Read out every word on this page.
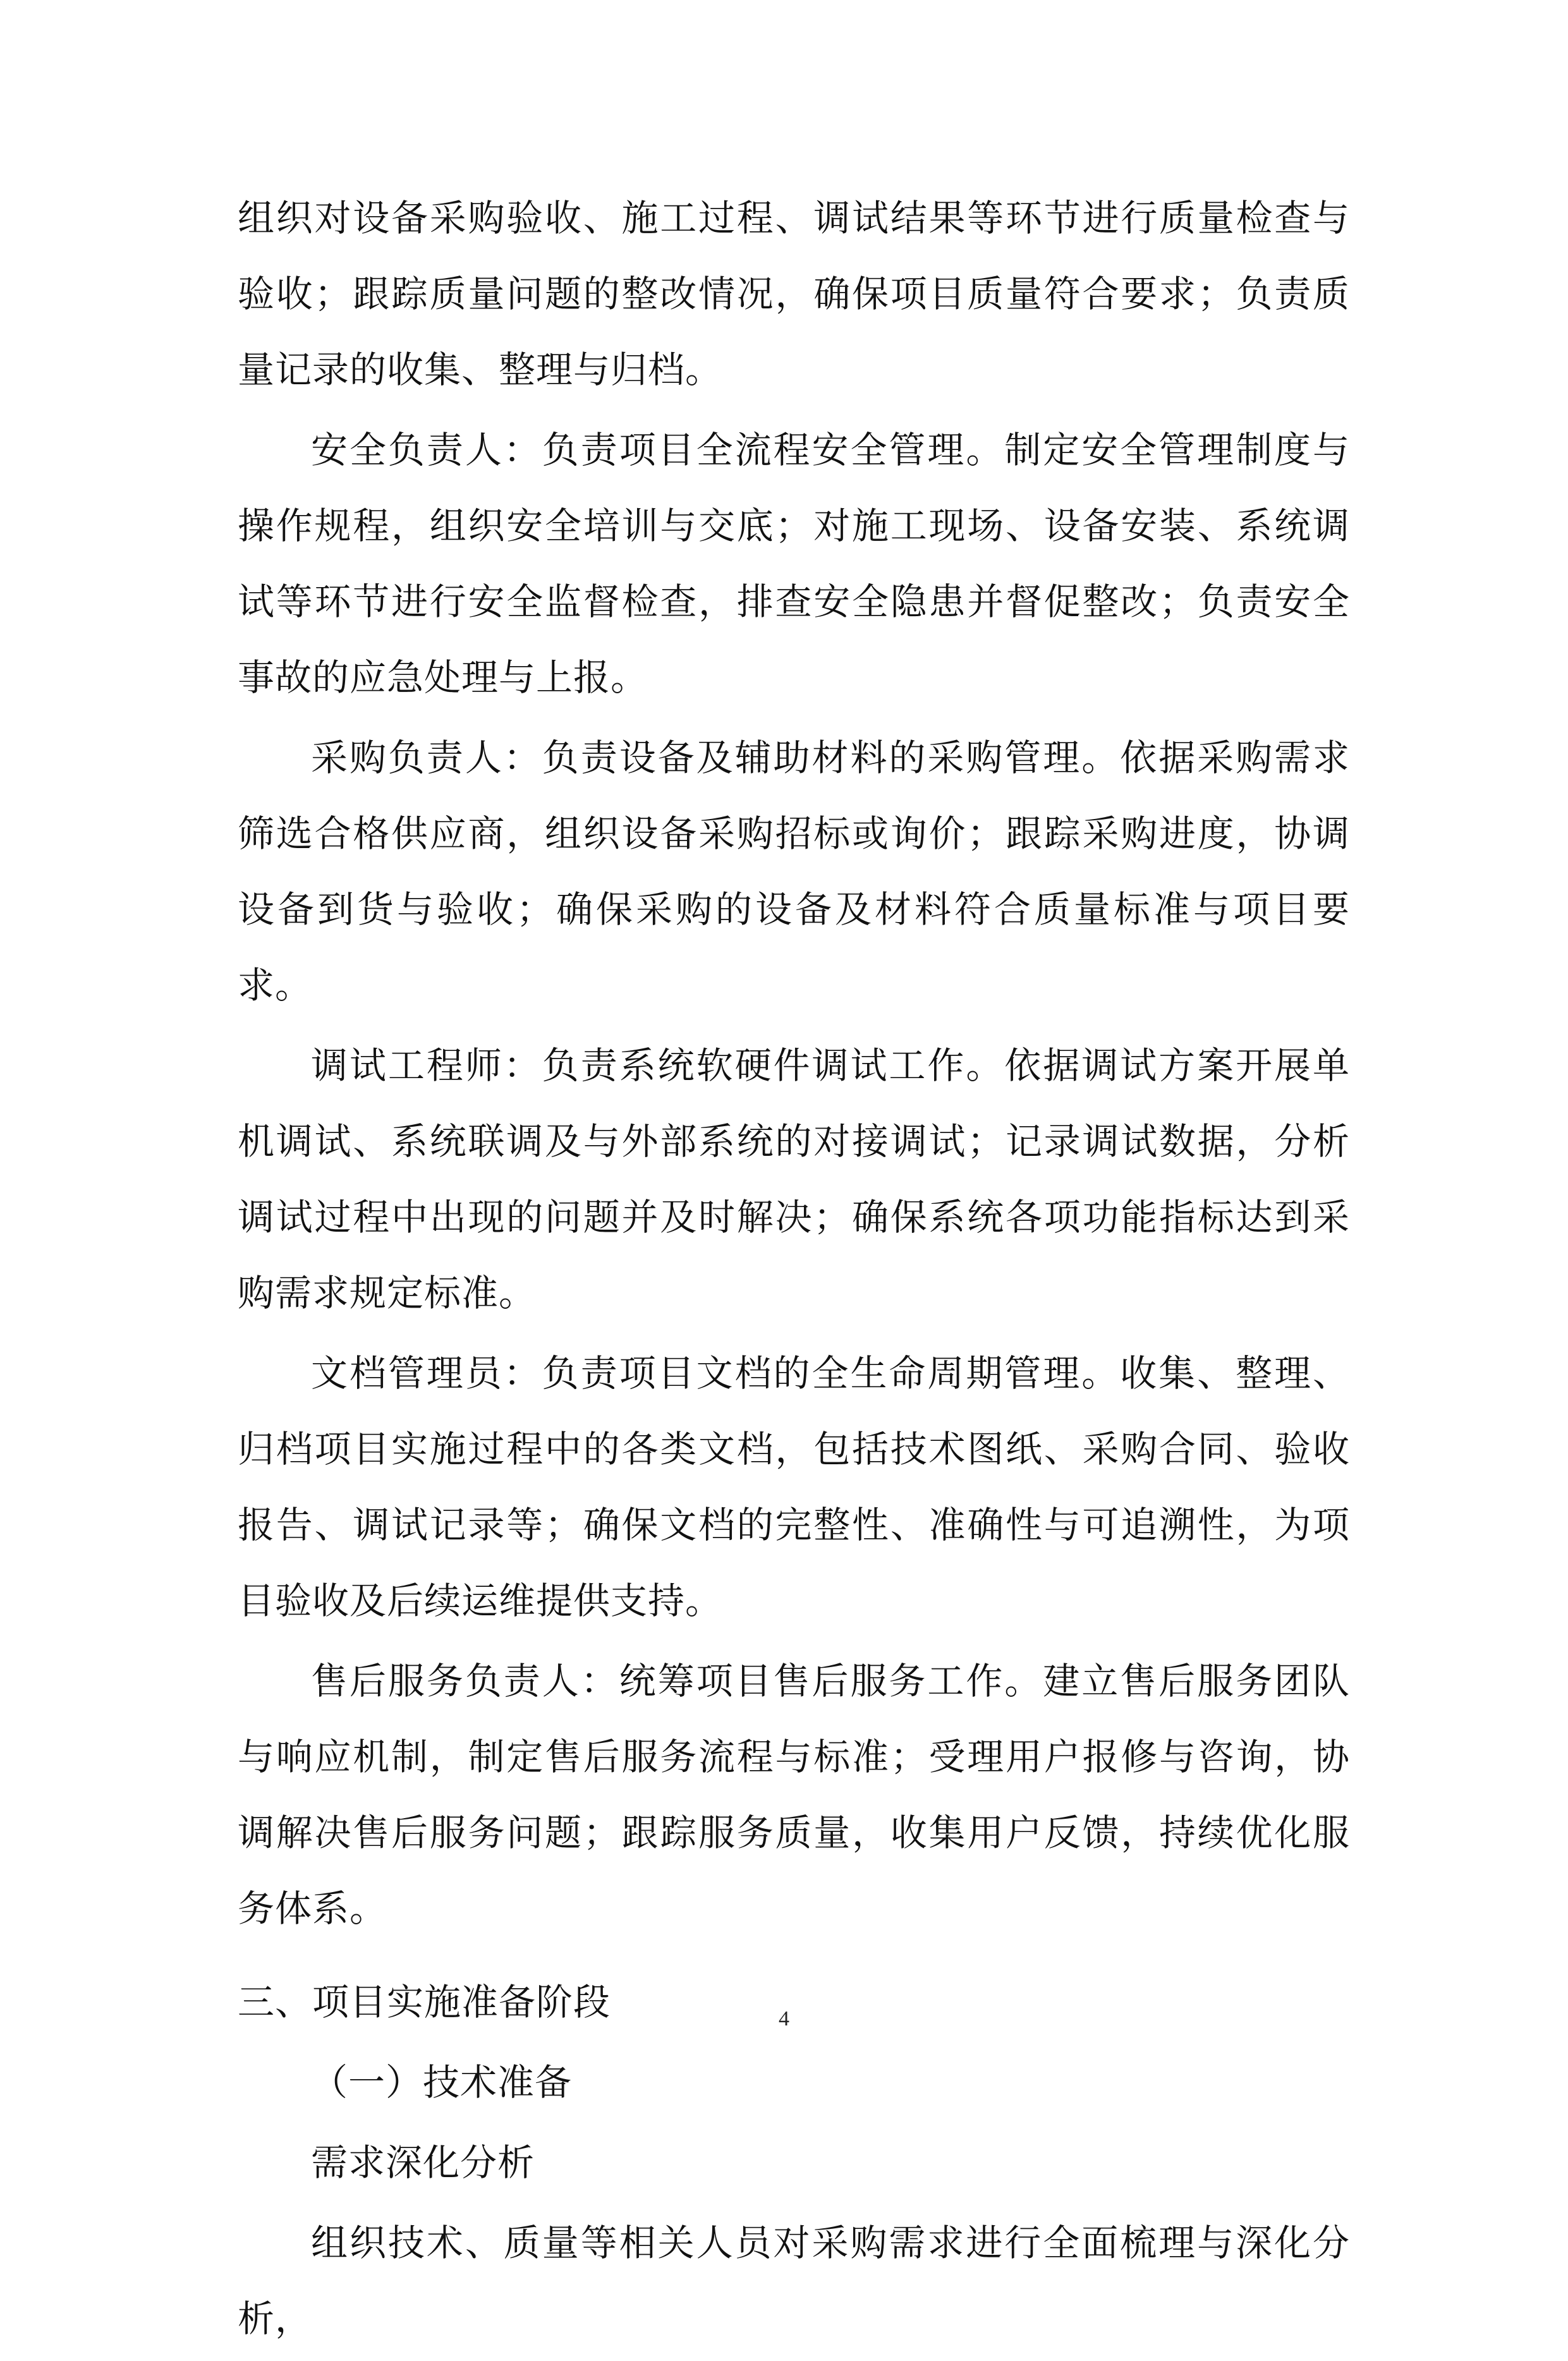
组织对设备采购验收、施工过程、调试结果等环节进行质量检查与验收；跟踪质量问题的整改情况，确保项目质量符合要求；负责质量记录的收集、整理与归档。

安全负责人：负责项目全流程安全管理。制定安全管理制度与操作规程，组织安全培训与交底；对施工现场、设备安装、系统调试等环节进行安全监督检查，排查安全隐患并督促整改；负责安全事故的应急处理与上报。

采购负责人：负责设备及辅助材料的采购管理。依据采购需求筛选合格供应商，组织设备采购招标或询价；跟踪采购进度，协调设备到货与验收；确保采购的设备及材料符合质量标准与项目要求。

调试工程师：负责系统软硬件调试工作。依据调试方案开展单机调试、系统联调及与外部系统的对接调试；记录调试数据，分析调试过程中出现的问题并及时解决；确保系统各项功能指标达到采购需求规定标准。

文档管理员：负责项目文档的全生命周期管理。收集、整理、归档项目实施过程中的各类文档，包括技术图纸、采购合同、验收报告、调试记录等；确保文档的完整性、准确性与可追溯性，为项目验收及后续运维提供支持。

售后服务负责人：统筹项目售后服务工作。建立售后服务团队与响应机制，制定售后服务流程与标准；受理用户报修与咨询，协调解决售后服务问题；跟踪服务质量，收集用户反馈，持续优化服务体系。

三、项目实施准备阶段
（一）技术准备
需求深化分析

组织技术、质量等相关人员对采购需求进行全面梳理与深化分析，

4
